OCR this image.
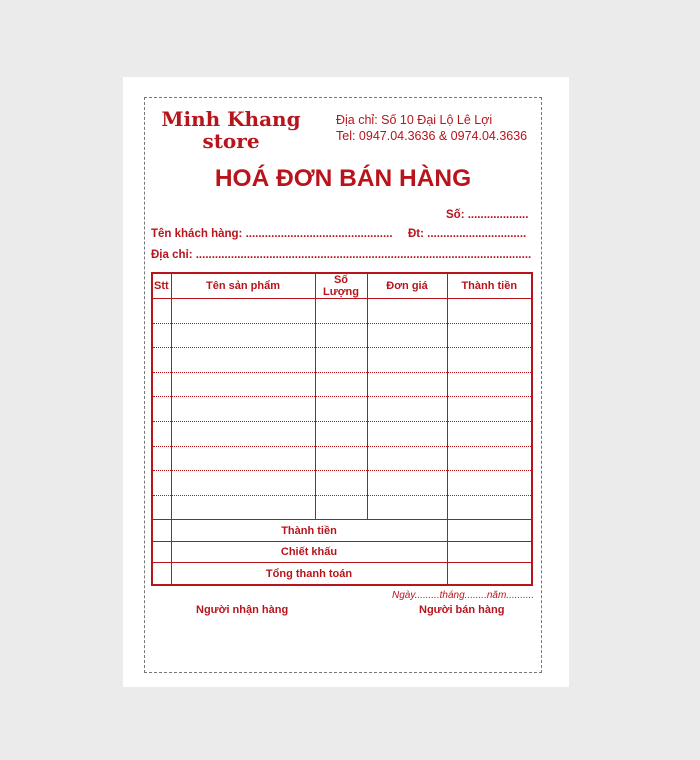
Minh Khang
store
Địa chỉ: Số 10 Đại Lộ Lê Lợi
Tel: 0947.04.3636 & 0974.04.3636
HOÁ ĐƠN BÁN HÀNG
Số: ...................
Tên khách hàng: .............................................. Đt: ...............................
Địa chỉ: .........................................................................................................
Stt	Tên sản phẩm	Số Lượng	Đơn giá	Thành tiền

	Thành tiền			
	Chiết khấu			
	Tổng thanh toán			
Ngày.........tháng........năm..........
Người nhận hàng	Người bán hàng
